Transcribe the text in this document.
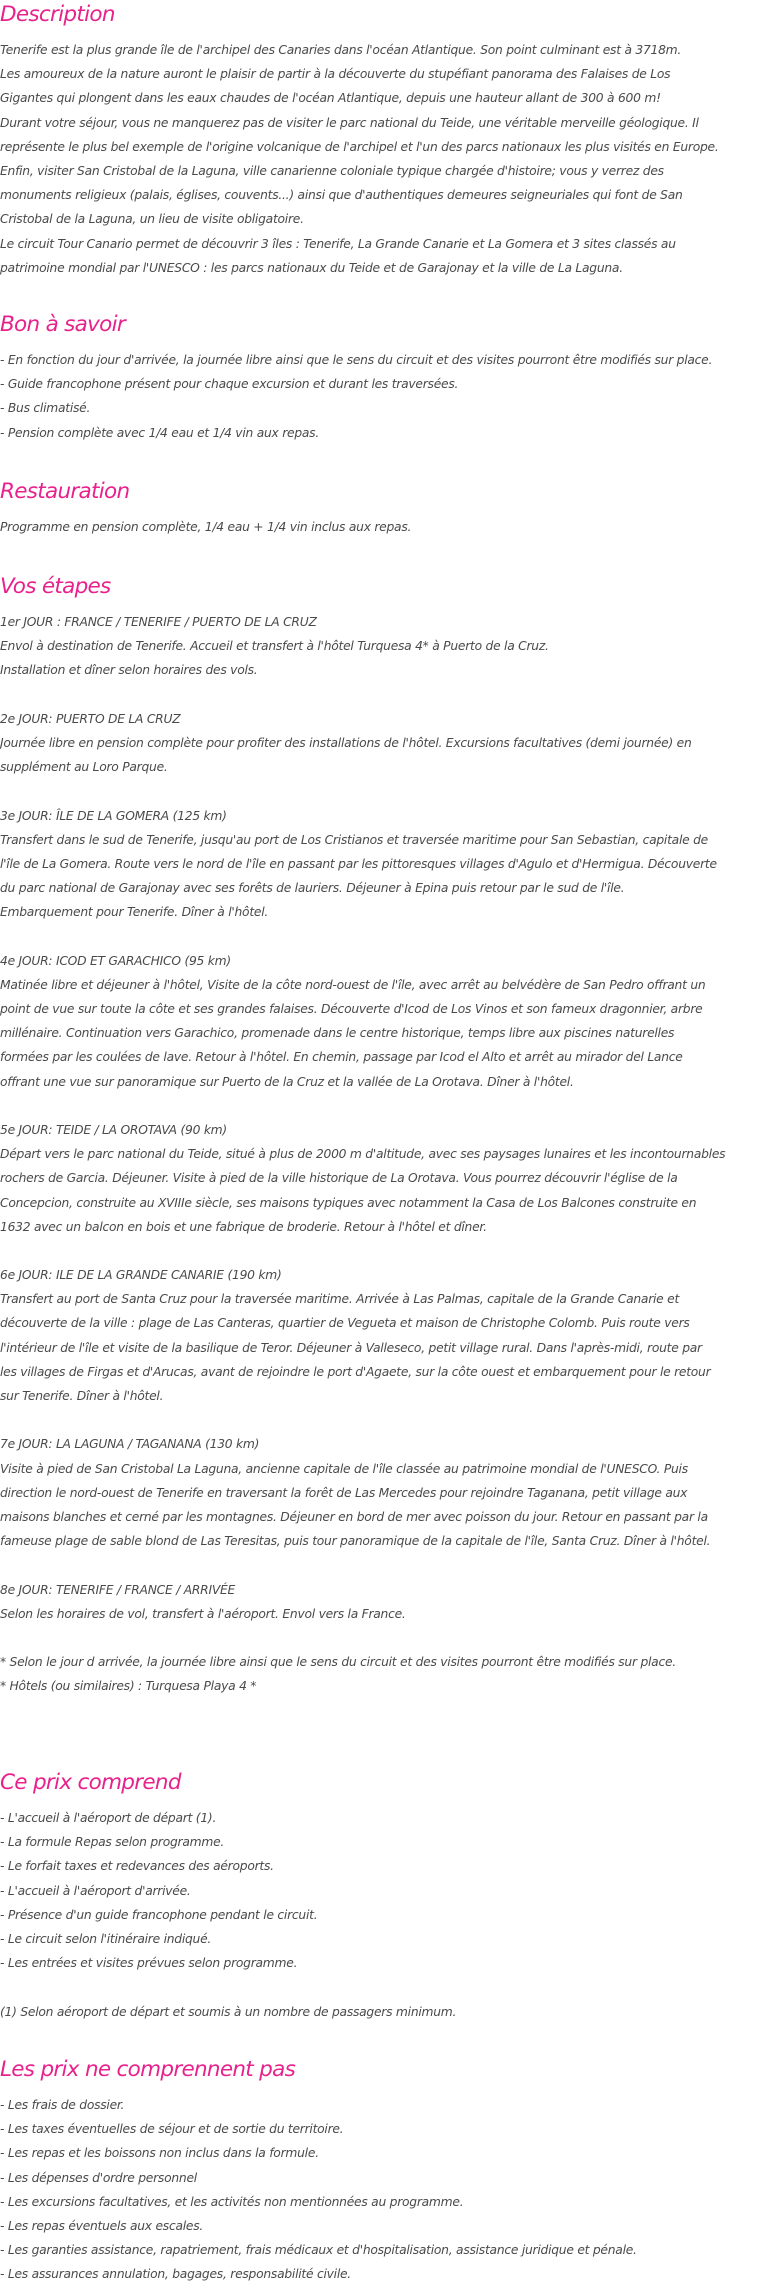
Description
Tenerife est la plus grande île de l'archipel des Canaries dans l'océan Atlantique. Son point culminant est à 3718m.
Les amoureux de la nature auront le plaisir de partir à la découverte du stupéfiant panorama des Falaises de Los
Gigantes qui plongent dans les eaux chaudes de l'océan Atlantique, depuis une hauteur allant de 300 à 600 m!
Durant votre séjour, vous ne manquerez pas de visiter le parc national du Teide, une véritable merveille géologique. Il
représente le plus bel exemple de l'origine volcanique de l'archipel et l'un des parcs nationaux les plus visités en Europe.
Enfin, visiter San Cristobal de la Laguna, ville canarienne coloniale typique chargée d'histoire; vous y verrez des
monuments religieux (palais, églises, couvents...) ainsi que d'authentiques demeures seigneuriales qui font de San
Cristobal de la Laguna, un lieu de visite obligatoire.
Le circuit Tour Canario permet de découvrir 3 îles : Tenerife, La Grande Canarie et La Gomera et 3 sites classés au
patrimoine mondial par l'UNESCO : les parcs nationaux du Teide et de Garajonay et la ville de La Laguna.
Bon à savoir
- En fonction du jour d'arrivée, la journée libre ainsi que le sens du circuit et des visites pourront être modifiés sur place.
- Guide francophone présent pour chaque excursion et durant les traversées.
- Bus climatisé.
- Pension complète avec 1/4 eau et 1/4 vin aux repas.
Restauration
Programme en pension complète, 1/4 eau + 1/4 vin inclus aux repas.
Vos étapes
1er JOUR : FRANCE / TENERIFE / PUERTO DE LA CRUZ
Envol à destination de Tenerife. Accueil et transfert à l'hôtel Turquesa 4* à Puerto de la Cruz.
Installation et dîner selon horaires des vols.
2e JOUR: PUERTO DE LA CRUZ
Journée libre en pension complète pour profiter des installations de l'hôtel. Excursions facultatives (demi journée) en
supplément au Loro Parque.
3e JOUR: ÎLE DE LA GOMERA (125 km)
Transfert dans le sud de Tenerife, jusqu'au port de Los Cristianos et traversée maritime pour San Sebastian, capitale de
l'île de La Gomera. Route vers le nord de l'île en passant par les pittoresques villages d'Agulo et d'Hermigua. Découverte
du parc national de Garajonay avec ses forêts de lauriers. Déjeuner à Epina puis retour par le sud de l'île.
Embarquement pour Tenerife. Dîner à l'hôtel.
4e JOUR: ICOD ET GARACHICO (95 km)
Matinée libre et déjeuner à l'hôtel, Visite de la côte nord-ouest de l'île, avec arrêt au belvédère de San Pedro offrant un
point de vue sur toute la côte et ses grandes falaises. Découverte d'Icod de Los Vinos et son fameux dragonnier, arbre
millénaire. Continuation vers Garachico, promenade dans le centre historique, temps libre aux piscines naturelles
formées par les coulées de lave. Retour à l'hôtel. En chemin, passage par Icod el Alto et arrêt au mirador del Lance
offrant une vue sur panoramique sur Puerto de la Cruz et la vallée de La Orotava. Dîner à l'hôtel.
5e JOUR: TEIDE / LA OROTAVA (90 km)
Départ vers le parc national du Teide, situé à plus de 2000 m d'altitude, avec ses paysages lunaires et les incontournables
rochers de Garcia. Déjeuner. Visite à pied de la ville historique de La Orotava. Vous pourrez découvrir l'église de la
Concepcion, construite au XVIIIe siècle, ses maisons typiques avec notamment la Casa de Los Balcones construite en
1632 avec un balcon en bois et une fabrique de broderie. Retour à l'hôtel et dîner.
6e JOUR: ILE DE LA GRANDE CANARIE (190 km)
Transfert au port de Santa Cruz pour la traversée maritime. Arrivée à Las Palmas, capitale de la Grande Canarie et
découverte de la ville : plage de Las Canteras, quartier de Vegueta et maison de Christophe Colomb. Puis route vers
l'intérieur de l'île et visite de la basilique de Teror. Déjeuner à Valleseco, petit village rural. Dans l'après-midi, route par
les villages de Firgas et d'Arucas, avant de rejoindre le port d'Agaete, sur la côte ouest et embarquement pour le retour
sur Tenerife. Dîner à l'hôtel.
7e JOUR: LA LAGUNA / TAGANANA (130 km)
Visite à pied de San Cristobal La Laguna, ancienne capitale de l'île classée au patrimoine mondial de l'UNESCO. Puis
direction le nord-ouest de Tenerife en traversant la forêt de Las Mercedes pour rejoindre Taganana, petit village aux
maisons blanches et cerné par les montagnes. Déjeuner en bord de mer avec poisson du jour. Retour en passant par la
fameuse plage de sable blond de Las Teresitas, puis tour panoramique de la capitale de l'île, Santa Cruz. Dîner à l'hôtel.
8e JOUR: TENERIFE / FRANCE / ARRIVÉE
Selon les horaires de vol, transfert à l'aéroport. Envol vers la France.
* Selon le jour d arrivée, la journée libre ainsi que le sens du circuit et des visites pourront être modifiés sur place.
* Hôtels (ou similaires) : Turquesa Playa 4 *
Ce prix comprend
- L'accueil à l'aéroport de départ (1).
- La formule Repas selon programme.
- Le forfait taxes et redevances des aéroports.
- L'accueil à l'aéroport d'arrivée.
- Présence d'un guide francophone pendant le circuit.
- Le circuit selon l'itinéraire indiqué.
- Les entrées et visites prévues selon programme.
(1) Selon aéroport de départ et soumis à un nombre de passagers minimum.
Les prix ne comprennent pas
- Les frais de dossier.
- Les taxes éventuelles de séjour et de sortie du territoire.
- Les repas et les boissons non inclus dans la formule.
- Les dépenses d'ordre personnel
- Les excursions facultatives, et les activités non mentionnées au programme.
- Les repas éventuels aux escales.
- Les garanties assistance, rapatriement, frais médicaux et d'hospitalisation, assistance juridique et pénale.
- Les assurances annulation, bagages, responsabilité civile.
